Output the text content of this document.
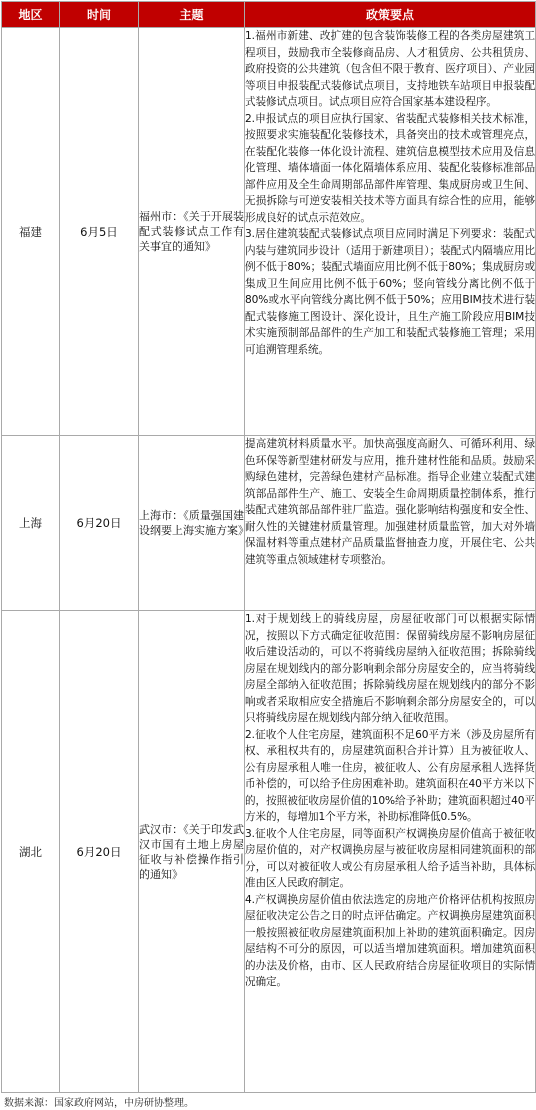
地区	时间	主题	政策要点
福建	6月5日	福州市：《关于开展装配式装修试点工作有关事宜的通知》	1.福州市新建、改扩建的包含装饰装修工程的各类房屋建筑工程项目，鼓励我市全装修商品房、人才租赁房、公共租赁房、政府投资的公共建筑（包含但不限于教育、医疗项目）、产业园等项目申报装配式装修试点项目，支持地铁车站项目申报装配式装修试点项目。试点项目应符合国家基本建设程序。

2.申报试点的项目应执行国家、省装配式装修相关技术标准，按照要求实施装配化装修技术，具备突出的技术或管理亮点，在装配化装修一体化设计流程、建筑信息模型技术应用及信息化管理、墙体墙面一体化隔墙体系应用、装配化装修标准部品部件应用及全生命周期部品部件库管理、集成厨房或卫生间、无损拆除与可逆安装相关技术等方面具有综合性的应用，能够形成良好的试点示范效应。

3.居住建筑装配式装修试点项目应同时满足下列要求：装配式内装与建筑同步设计（适用于新建项目）；装配式内隔墙应用比例不低于80%；装配式墙面应用比例不低于80%；集成厨房或集成卫生间应用比例不低于60%；竖向管线分离比例不低于80%或水平向管线分离比例不低于50%；应用BIM技术进行装配式装修施工图设计、深化设计，且生产施工阶段应用BIM技术实施预制部品部件的生产加工和装配式装修施工管理；采用可追溯管理系统。

上海	6月20日	上海市：《质量强国建设纲要上海实施方案》	提高建筑材料质量水平。加快高强度高耐久、可循环利用、绿色环保等新型建材研发与应用，推升建材性能和品质。鼓励采购绿色建材，完善绿色建材产品标准。指导企业建立装配式建筑部品部件生产、施工、安装全生命周期质量控制体系，推行装配式建筑部品部件驻厂监造。强化影响结构强度和安全性、耐久性的关键建材质量管理。加强建材质量监管，加大对外墙保温材料等重点建材产品质量监督抽查力度，开展住宅、公共建筑等重点领域建材专项整治。

湖北	6月20日	武汉市：《关于印发武汉市国有土地上房屋征收与补偿操作指引的通知》	1.对于规划线上的骑线房屋，房屋征收部门可以根据实际情况，按照以下方式确定征收范围：保留骑线房屋不影响房屋征收后建设活动的，可以不将骑线房屋纳入征收范围；拆除骑线房屋在规划线内的部分影响剩余部分房屋安全的，应当将骑线房屋全部纳入征收范围；拆除骑线房屋在规划线内的部分不影响或者采取相应安全措施后不影响剩余部分房屋安全的，可以只将骑线房屋在规划线内部分纳入征收范围。

2.征收个人住宅房屋，建筑面积不足60平方米（涉及房屋所有权、承租权共有的，房屋建筑面积合并计算）且为被征收人、公有房屋承租人唯一住房，被征收人、公有房屋承租人选择货币补偿的，可以给予住房困难补助。建筑面积在40平方米以下的，按照被征收房屋价值的10%给予补助；建筑面积超过40平方米的，每增加1个平方米，补助标准降低0.5%。

3.征收个人住宅房屋，同等面积产权调换房屋价值高于被征收房屋价值的，对产权调换房屋与被征收房屋相同建筑面积的部分，可以对被征收人或公有房屋承租人给予适当补助，具体标准由区人民政府制定。

4.产权调换房屋价值由依法选定的房地产价格评估机构按照房屋征收决定公告之日的时点评估确定。产权调换房屋建筑面积一般按照被征收房屋建筑面积加上补助的建筑面积确定。因房屋结构不可分的原因，可以适当增加建筑面积。增加建筑面积的办法及价格，由市、区人民政府结合房屋征收项目的实际情况确定。

数据来源：国家政府网站，中房研协整理。
